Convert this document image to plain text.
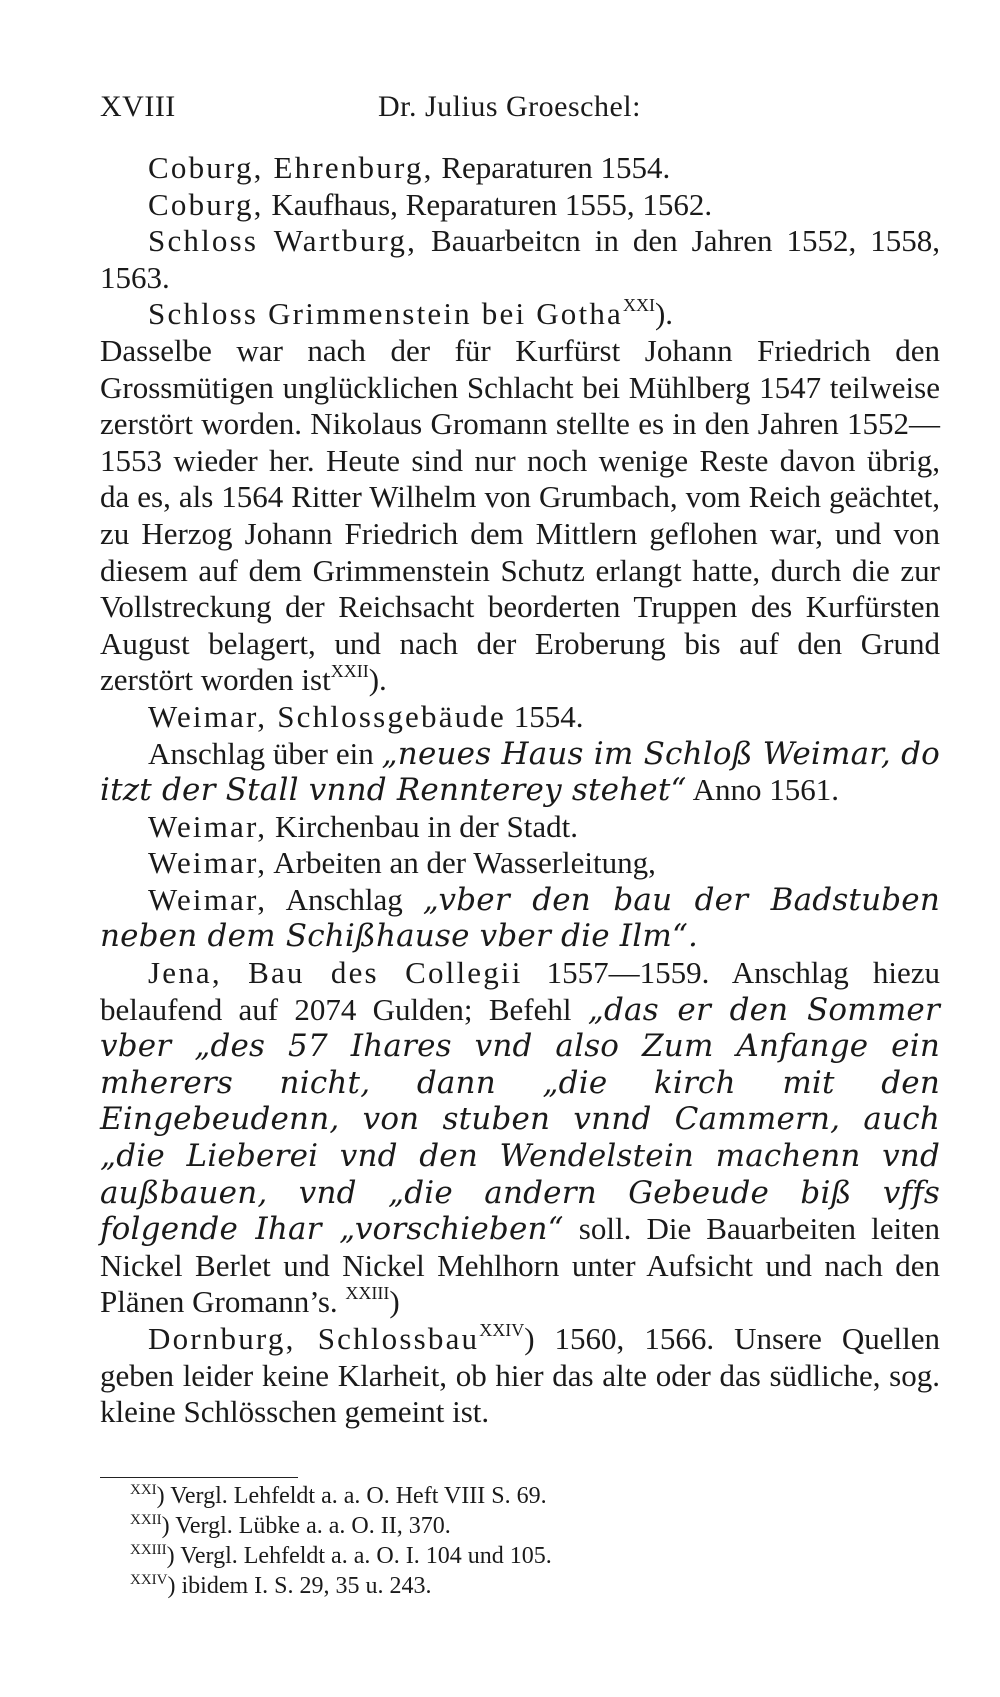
XVIII	Dr. Julius Groeschel:

Coburg, Ehrenburg, Reparaturen 1554.

Coburg, Kaufhaus, Reparaturen 1555, 1562.

Schloss Wartburg, Bauarbeitcn in den Jahren 1552, 1558, 1563.

Schloss Grimmenstein bei Gotha$^{XXI}$).

Dasselbe war nach der für Kurfürst Johann Friedrich den Grossmütigen unglücklichen Schlacht bei Mühlberg 1547 teilweise zerstört worden. Nikolaus Gromann stellte es in den Jahren 1552—1553 wieder her. Heute sind nur noch wenige Reste davon übrig, da es, als 1564 Ritter Wilhelm von Grumbach, vom Reich geächtet, zu Herzog Johann Friedrich dem Mittlern geflohen war, und von diesem auf dem Grimmenstein Schutz erlangt hatte, durch die zur Vollstreckung der Reichsacht beorderten Truppen des Kurfürsten August belagert, und nach der Eroberung bis auf den Grund zerstört worden ist$^{XXII}$).

Weimar, Schlossgebäude 1554.

Anschlag über ein „neues Haus im Schloß Weimar, do itzt der Stall vnnd Rennterey stehet“ Anno 1561.

Weimar, Kirchenbau in der Stadt.

Weimar, Arbeiten an der Wasserleitung,

Weimar, Anschlag „vber den bau der Badstuben neben dem Schißhause vber die Ilm“.

Jena, Bau des Collegii 1557—1559. Anschlag hiezu belaufend auf 2074 Gulden; Befehl „das er den Sommer vber „des 57 Ihares vnd also Zum Anfange ein mherers nicht, dann „die kirch mit den Eingebeudenn, von stuben vnnd Cammern, auch „die Lieberei vnd den Wendelstein machenn vnd außbauen, vnd „die andern Gebeude biß vffs folgende Ihar „vorschieben“ soll. Die Bauarbeiten leiten Nickel Berlet und Nickel Mehlhorn unter Aufsicht und nach den Plänen Gromann’s. $^{XXIII}$)

Dornburg, Schlossbau$^{XXIV}$) 1560, 1566. Unsere Quellen geben leider keine Klarheit, ob hier das alte oder das südliche, sog. kleine Schlösschen gemeint ist.

$^{XXI}$) Vergl. Lehfeldt a. a. O. Heft VIII S. 69.
$^{XXII}$) Vergl. Lübke a. a. O. II, 370.
$^{XXIII}$) Vergl. Lehfeldt a. a. O. I. 104 und 105.
$^{XXIV}$) ibidem I. S. 29, 35 u. 243.
